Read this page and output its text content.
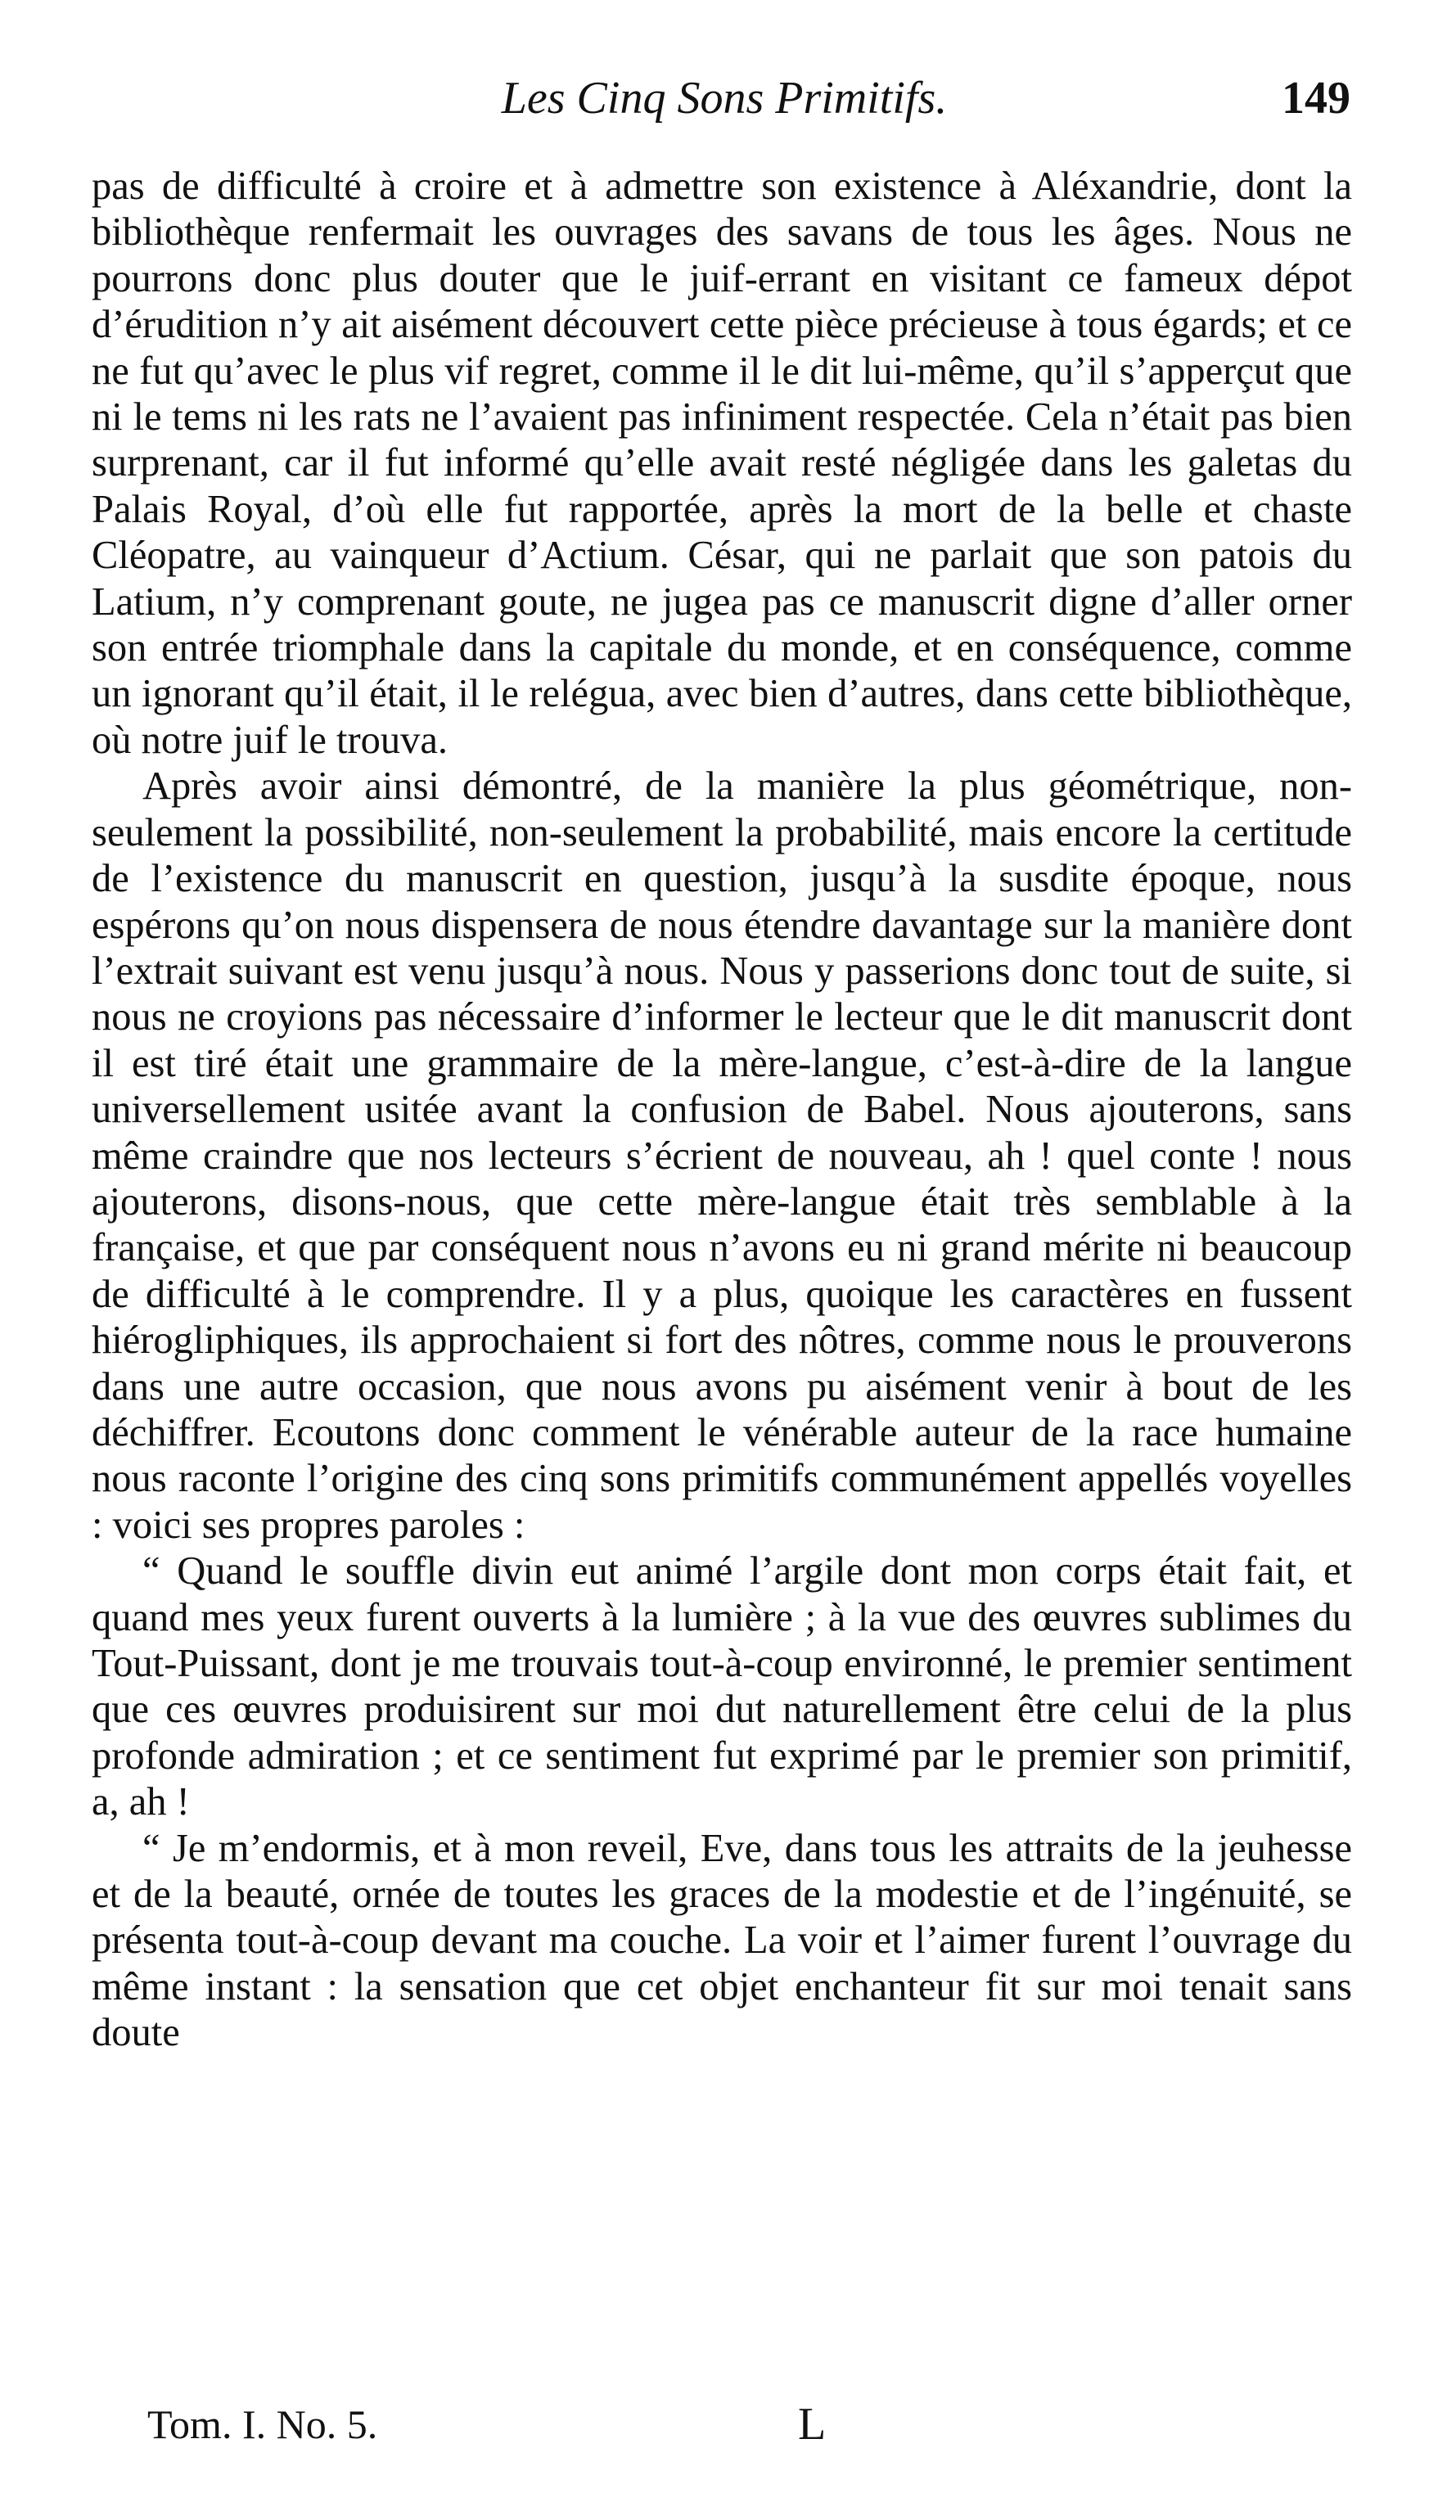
Les Cinq Sons Primitifs.	149

pas de difficulté à croire et à admettre son existence à Aléxandrie, dont la bibliothèque renfermait les ouvrages des savans de tous les âges. Nous ne pourrons donc plus douter que le juif-errant en visitant ce fameux dépot d’érudition n’y ait aisément découvert cette pièce précieuse à tous égards; et ce ne fut qu’avec le plus vif regret, comme il le dit lui-même, qu’il s’apperçut que ni le tems ni les rats ne l’avaient pas infiniment respectée. Cela n’était pas bien surprenant, car il fut informé qu’elle avait resté négligée dans les galetas du Palais Royal, d’où elle fut rapportée, après la mort de la belle et chaste Cléopatre, au vainqueur d’Actium. César, qui ne parlait que son patois du Latium, n’y comprenant goute, ne jugea pas ce manuscrit digne d’aller orner son entrée triomphale dans la capitale du monde, et en conséquence, comme un ignorant qu’il était, il le relégua, avec bien d’autres, dans cette bibliothèque, où notre juif le trouva.

Après avoir ainsi démontré, de la manière la plus géométrique, non-seulement la possibilité, non-seulement la probabilité, mais encore la certitude de l’existence du manuscrit en question, jusqu’à la susdite époque, nous espérons qu’on nous dispensera de nous étendre davantage sur la manière dont l’extrait suivant est venu jusqu’à nous. Nous y passerions donc tout de suite, si nous ne croyions pas nécessaire d’informer le lecteur que le dit manuscrit dont il est tiré était une grammaire de la mère-langue, c’est-à-dire de la langue universellement usitée avant la confusion de Babel. Nous ajouterons, sans même craindre que nos lecteurs s’écrient de nouveau, ah ! quel conte ! nous ajouterons, disons-nous, que cette mère-langue était très semblable à la française, et que par conséquent nous n’avons eu ni grand mérite ni beaucoup de difficulté à le comprendre. Il y a plus, quoique les caractères en fussent hiérogliphiques, ils approchaient si fort des nôtres, comme nous le prouverons dans une autre occasion, que nous avons pu aisément venir à bout de les déchiffrer. Ecoutons donc comment le vénérable auteur de la race humaine nous raconte l’origine des cinq sons primitifs communément appellés voyelles : voici ses propres paroles :

“ Quand le souffle divin eut animé l’argile dont mon corps était fait, et quand mes yeux furent ouverts à la lumière ; à la vue des œuvres sublimes du Tout-Puissant, dont je me trouvais tout-à-coup environné, le premier sentiment que ces œuvres produisirent sur moi dut naturellement être celui de la plus profonde admiration ; et ce sentiment fut exprimé par le premier son primitif, a, ah !

“ Je m’endormis, et à mon reveil, Eve, dans tous les attraits de la jeuhesse et de la beauté, ornée de toutes les graces de la modestie et de l’ingénuité, se présenta tout-à-coup devant ma couche. La voir et l’aimer furent l’ouvrage du même instant : la sensation que cet objet enchanteur fit sur moi tenait sans doute

Tom. I. No. 5.	L
